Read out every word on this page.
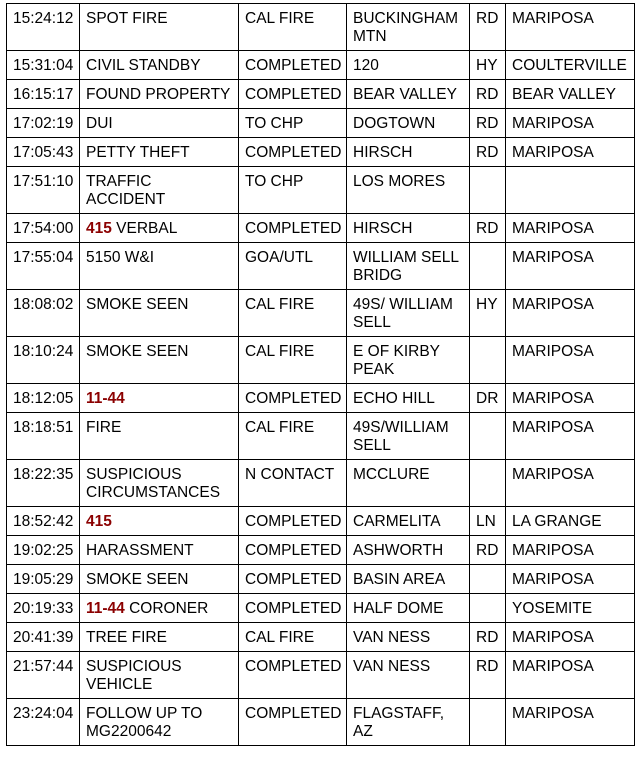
15:24:12	SPOT FIRE	CAL FIRE	BUCKINGHAM MTN	RD	MARIPOSA
15:31:04	CIVIL STANDBY	COMPLETED	120	HY	COULTERVILLE
16:15:17	FOUND PROPERTY	COMPLETED	BEAR VALLEY	RD	BEAR VALLEY
17:02:19	DUI	TO CHP	DOGTOWN	RD	MARIPOSA
17:05:43	PETTY THEFT	COMPLETED	HIRSCH	RD	MARIPOSA
17:51:10	TRAFFIC ACCIDENT	TO CHP	LOS MORES		
17:54:00	415 VERBAL	COMPLETED	HIRSCH	RD	MARIPOSA
17:55:04	5150 W&I	GOA/UTL	WILLIAM SELL BRIDG		MARIPOSA
18:08:02	SMOKE SEEN	CAL FIRE	49S/ WILLIAM SELL	HY	MARIPOSA
18:10:24	SMOKE SEEN	CAL FIRE	E OF KIRBY PEAK		MARIPOSA
18:12:05	11-44	COMPLETED	ECHO HILL	DR	MARIPOSA
18:18:51	FIRE	CAL FIRE	49S/WILLIAM SELL		MARIPOSA
18:22:35	SUSPICIOUS CIRCUMSTANCES	N CONTACT	MCCLURE		MARIPOSA
18:52:42	415	COMPLETED	CARMELITA	LN	LA GRANGE
19:02:25	HARASSMENT	COMPLETED	ASHWORTH	RD	MARIPOSA
19:05:29	SMOKE SEEN	COMPLETED	BASIN AREA		MARIPOSA
20:19:33	11-44 CORONER	COMPLETED	HALF DOME		YOSEMITE
20:41:39	TREE FIRE	CAL FIRE	VAN NESS	RD	MARIPOSA
21:57:44	SUSPICIOUS VEHICLE	COMPLETED	VAN NESS	RD	MARIPOSA
23:24:04	FOLLOW UP TO MG2200642	COMPLETED	FLAGSTAFF, AZ		MARIPOSA
